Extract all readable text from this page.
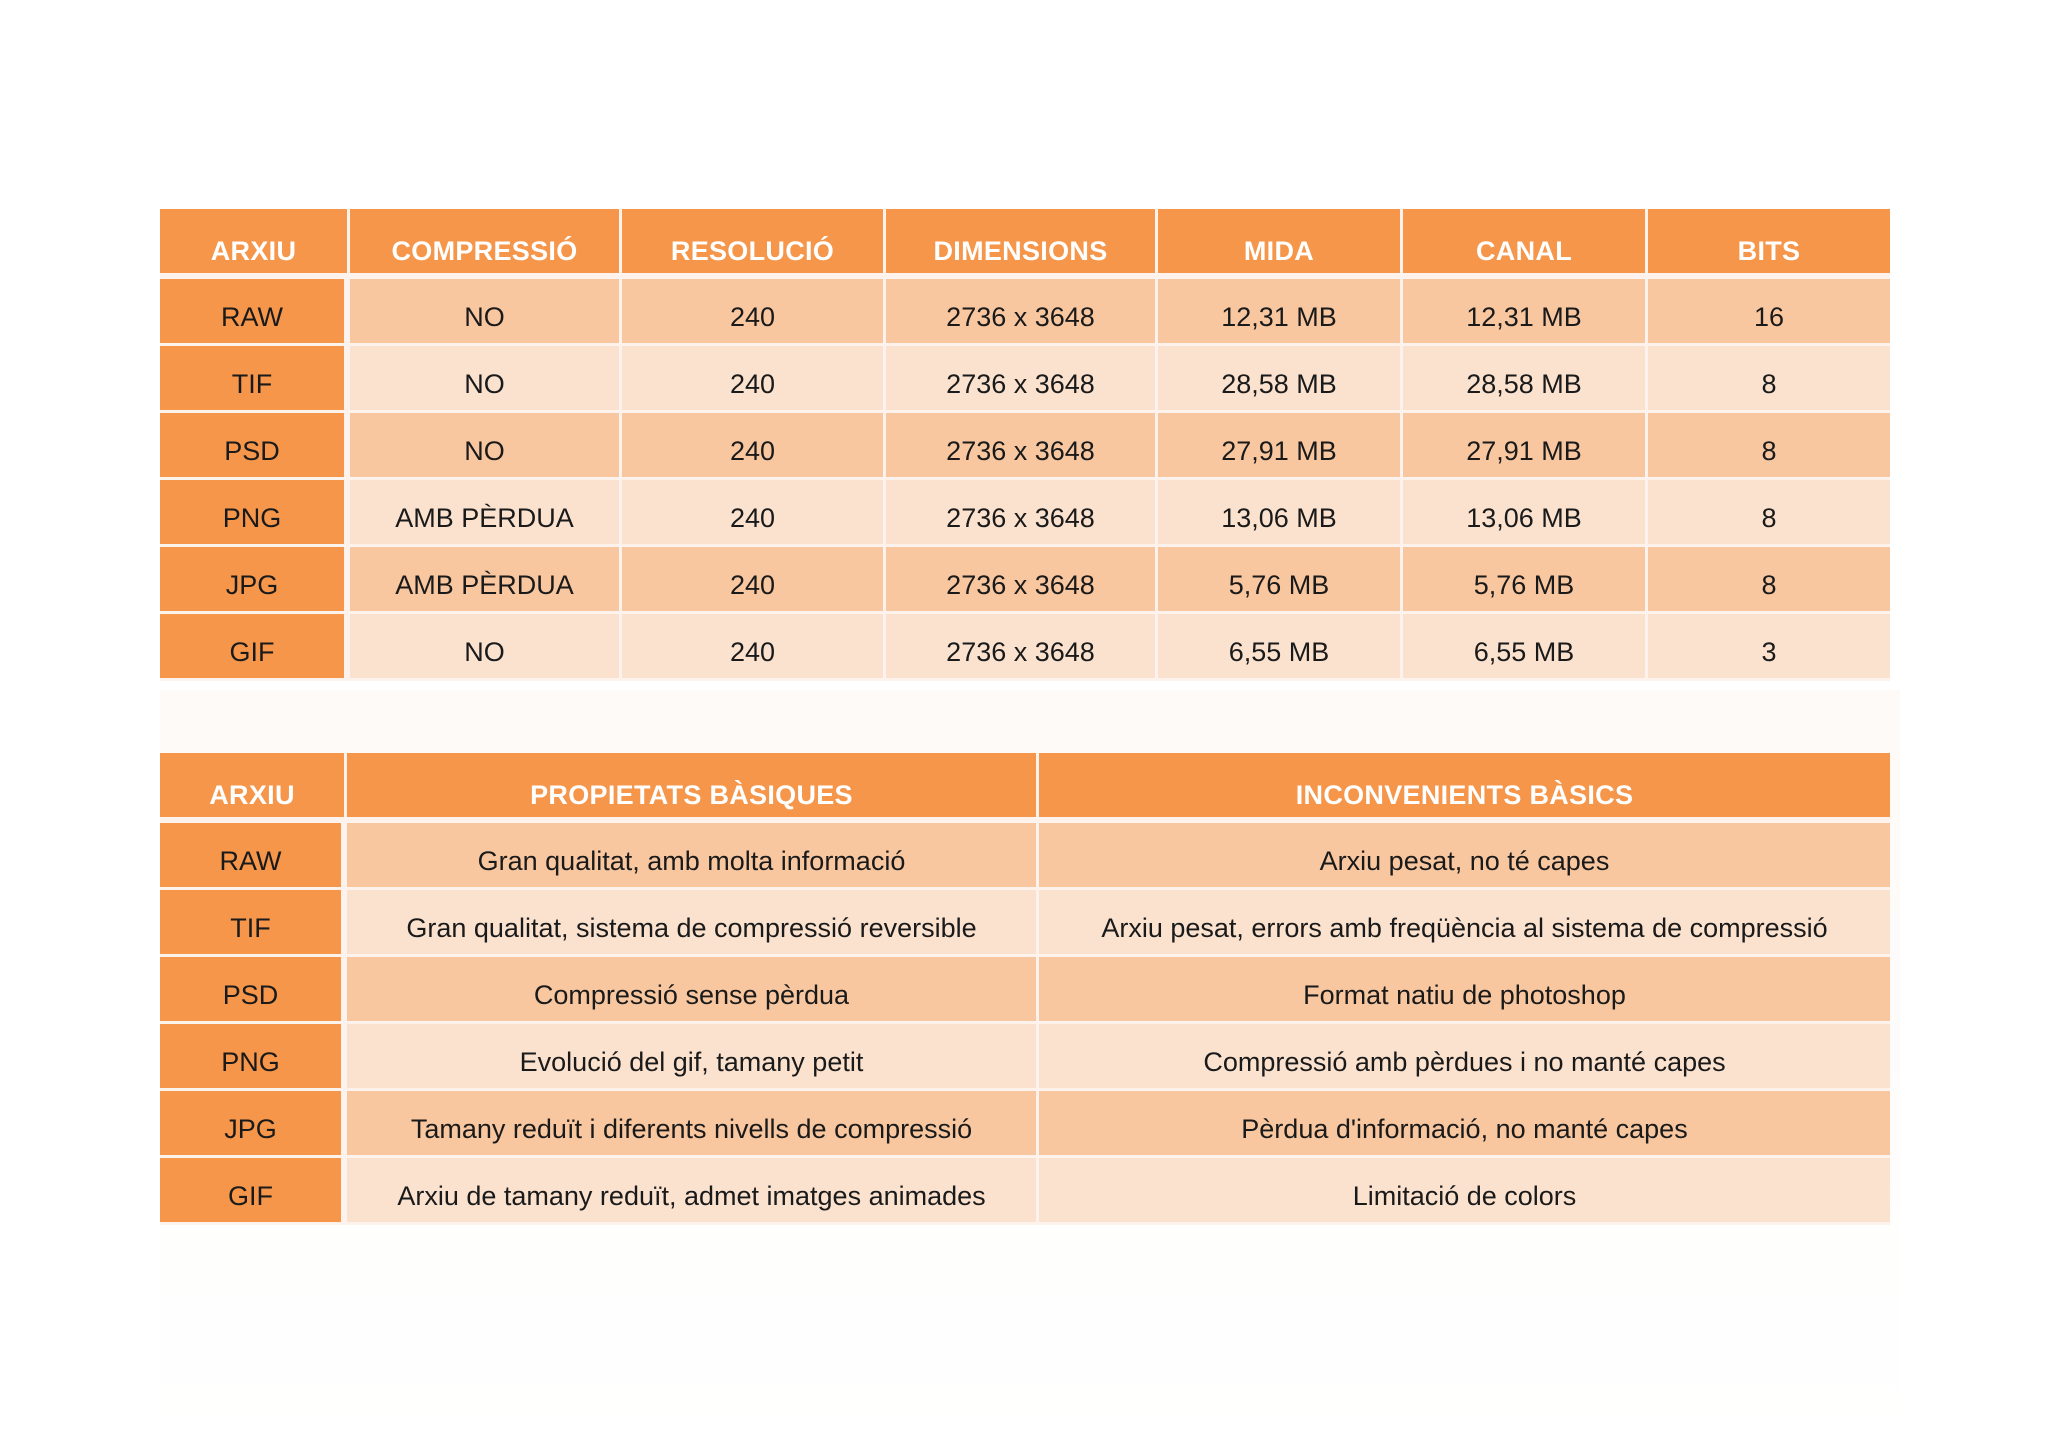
ARXIU	COMPRESSIÓ	RESOLUCIÓ	DIMENSIONS	MIDA	CANAL	BITS
RAW	NO	240	2736 x 3648	12,31 MB	12,31 MB	16
TIF	NO	240	2736 x 3648	28,58 MB	28,58 MB	8
PSD	NO	240	2736 x 3648	27,91 MB	27,91 MB	8
PNG	AMB PÈRDUA	240	2736 x 3648	13,06 MB	13,06 MB	8
JPG	AMB PÈRDUA	240	2736 x 3648	5,76 MB	5,76 MB	8
GIF	NO	240	2736 x 3648	6,55 MB	6,55 MB	3
ARXIU	PROPIETATS BÀSIQUES	INCONVENIENTS BÀSICS
RAW	Gran qualitat, amb molta informació	Arxiu pesat, no té capes
TIF	Gran qualitat, sistema de compressió reversible	Arxiu pesat, errors amb freqüència al sistema de compressió
PSD	Compressió sense pèrdua	Format natiu de photoshop
PNG	Evolució del gif, tamany petit	Compressió amb pèrdues i no manté capes
JPG	Tamany reduït i diferents nivells de compressió	Pèrdua d'informació, no manté capes
GIF	Arxiu de tamany reduït, admet imatges animades	Limitació de colors
